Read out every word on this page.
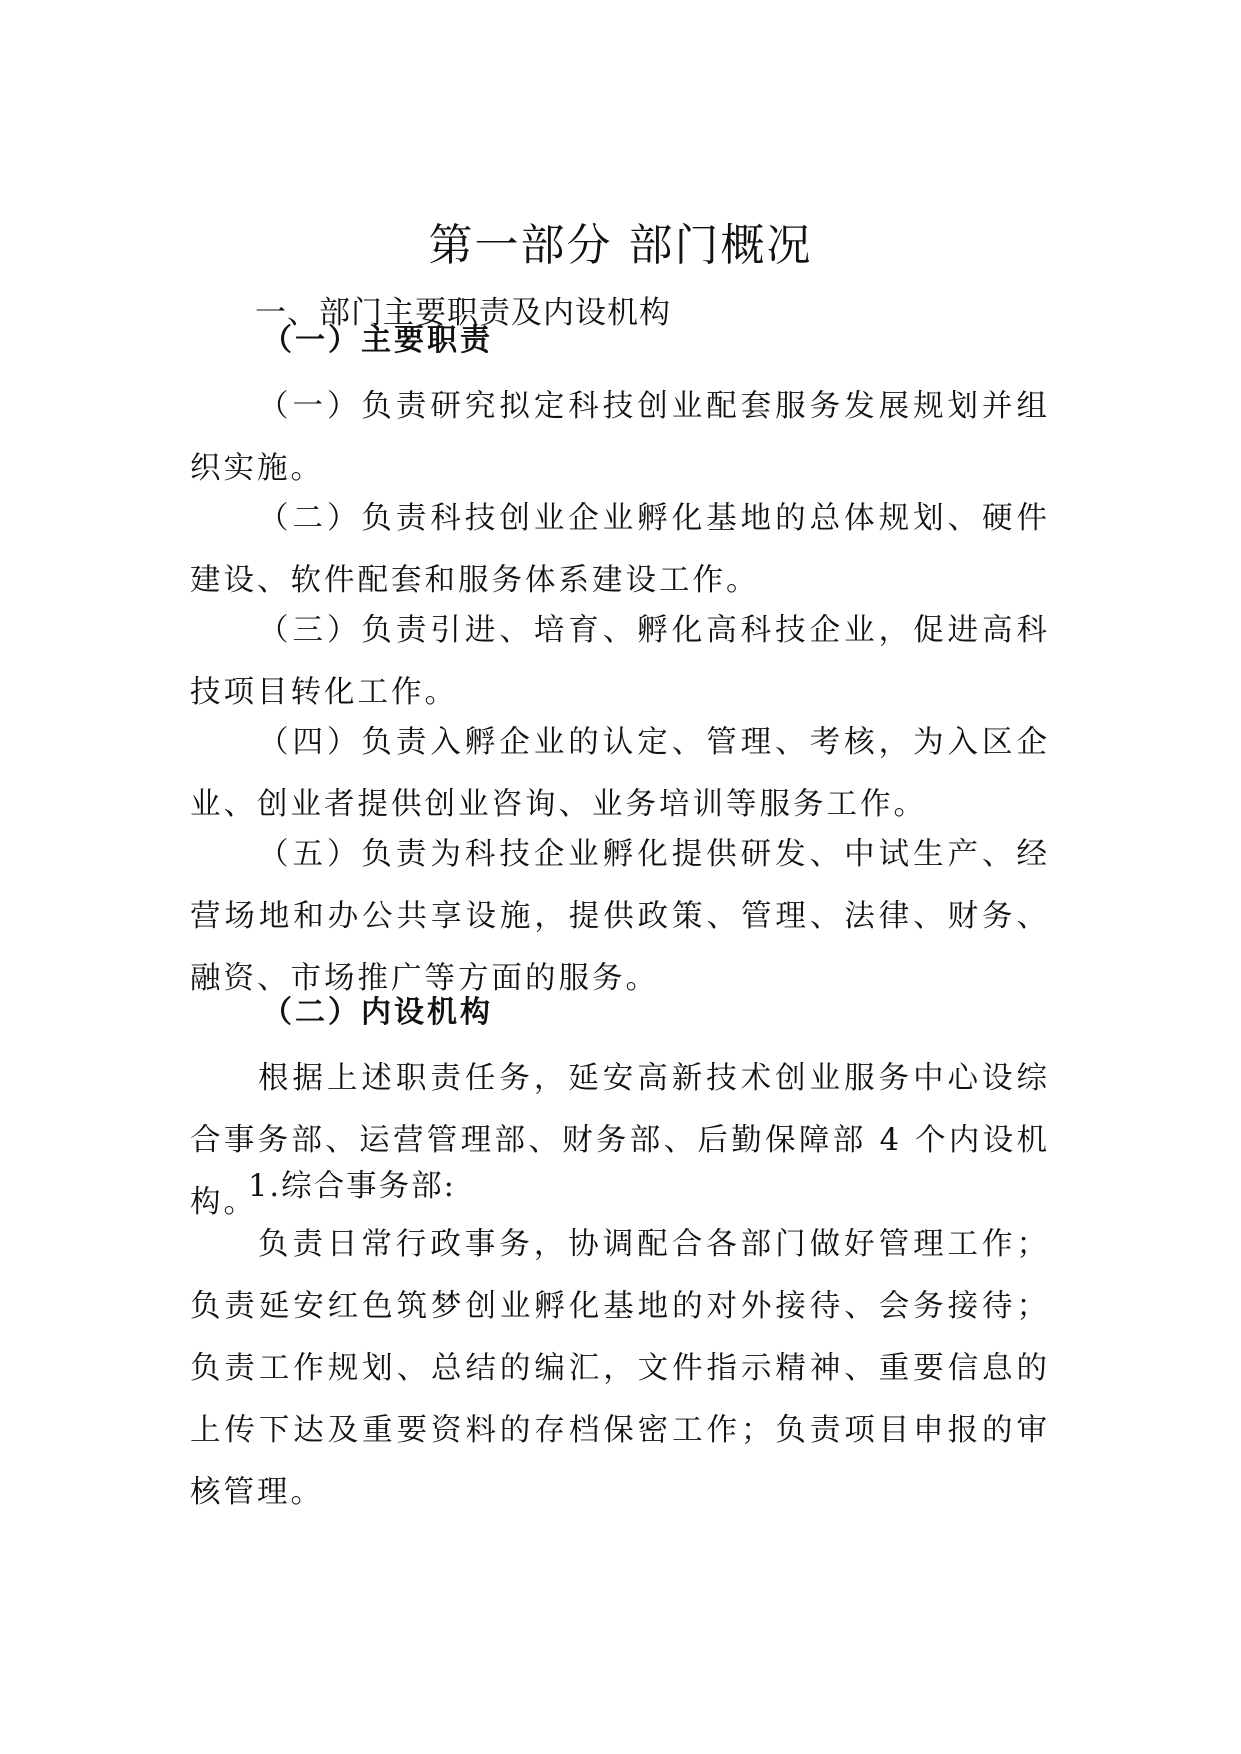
第一部分 部门概况
一、部门主要职责及内设机构
（一）主要职责
（一）负责研究拟定科技创业配套服务发展规划并组织实施。
（二）负责科技创业企业孵化基地的总体规划、硬件建设、软件配套和服务体系建设工作。
（三）负责引进、培育、孵化高科技企业，促进高科技项目转化工作。
（四）负责入孵企业的认定、管理、考核，为入区企业、创业者提供创业咨询、业务培训等服务工作。
（五）负责为科技企业孵化提供研发、中试生产、经营场地和办公共享设施，提供政策、管理、法律、财务、融资、市场推广等方面的服务。
（二）内设机构
根据上述职责任务，延安高新技术创业服务中心设综合事务部、运营管理部、财务部、后勤保障部 4 个内设机构。
1.综合事务部:
负责日常行政事务，协调配合各部门做好管理工作；负责延安红色筑梦创业孵化基地的对外接待、会务接待；负责工作规划、总结的编汇，文件指示精神、重要信息的上传下达及重要资料的存档保密工作；负责项目申报的审核管理。
